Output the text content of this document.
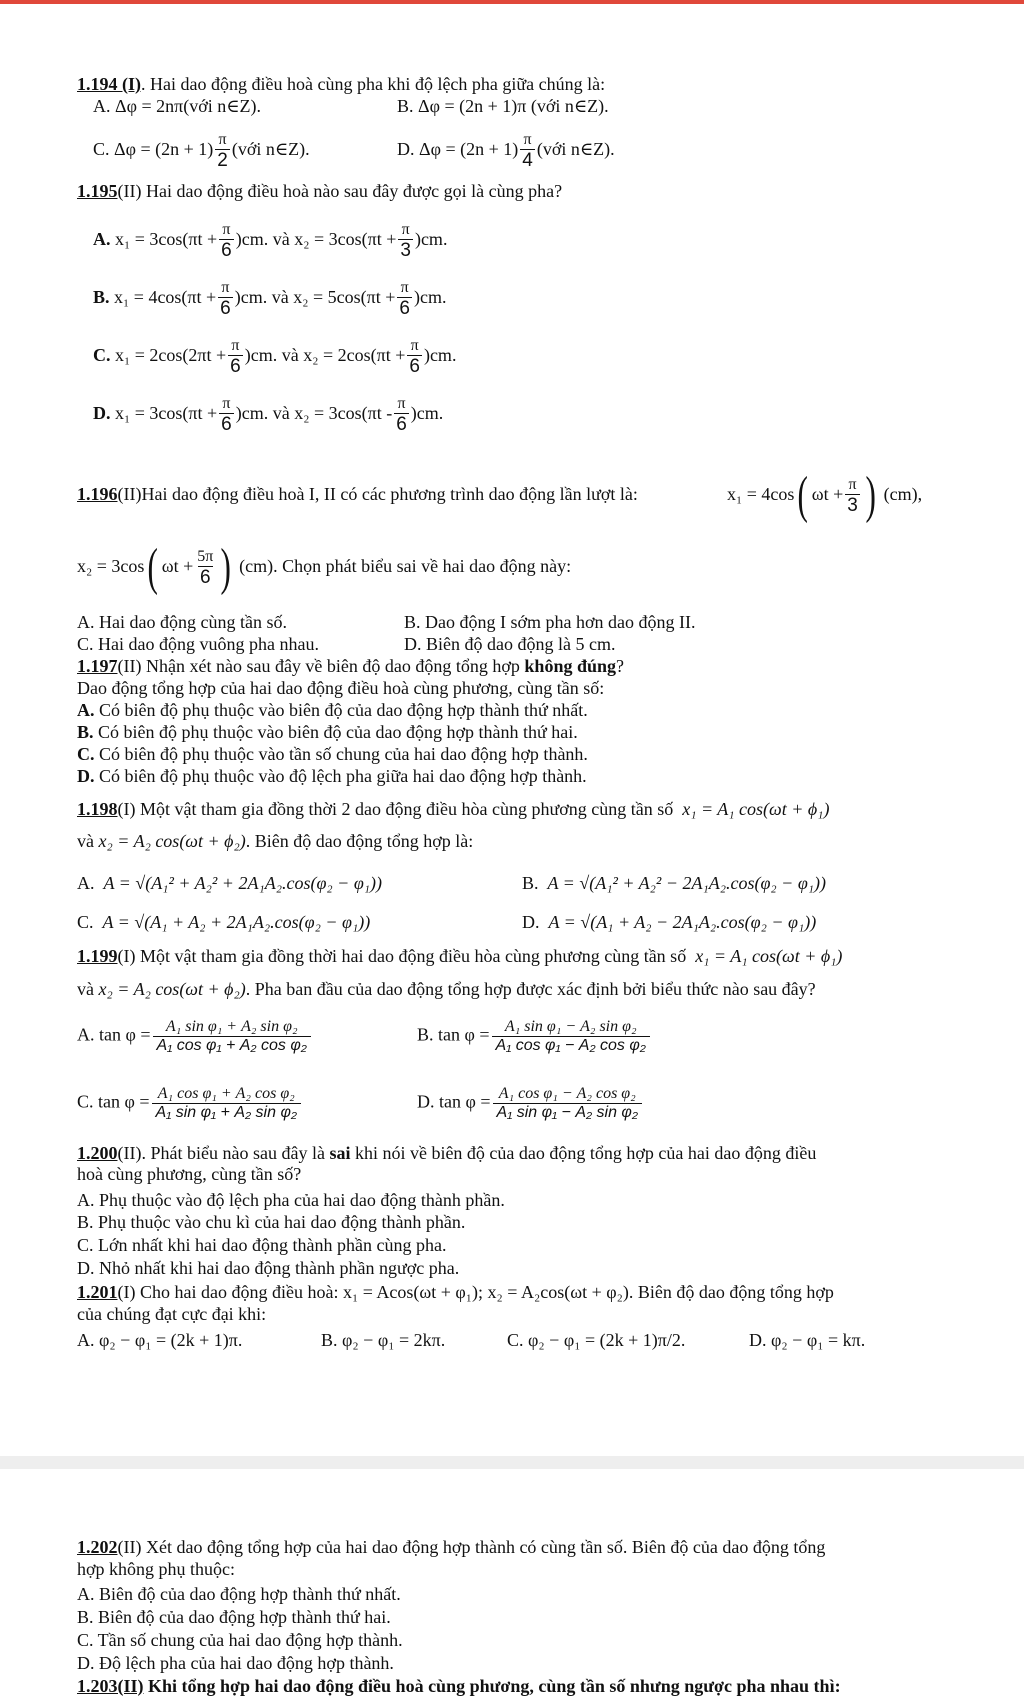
1.194 (I). Hai dao động điều hoà cùng pha khi độ lệch pha giữa chúng là:
A. Δφ = 2nπ(với n∈Z).	B. Δφ = (2n + 1)π (với n∈Z).
C. $\Delta\varphi = (2n + 1) \frac{\pi}{2}$ (với n∈Z).	D. $\Delta\varphi = (2n + 1) \frac{\pi}{4}$ (với n∈Z).
1.195(II) Hai dao động điều hoà nào sau đây được gọi là cùng pha?
A. $x_1 = 3\cos(\pi t + \frac{\pi}{6} )cm$. và $x_2 = 3\cos(\pi t + \frac{\pi}{3} )cm$.
B. $x_1 = 4\cos(\pi t + \frac{\pi}{6} )cm$. và $x_2 = 5\cos(\pi t + \frac{\pi}{6} )cm$.
C. $x_1 = 2\cos(2\pi t + \frac{\pi}{6} )cm$. và $x_2 = 2\cos(\pi t + \frac{\pi}{6} )cm$.
D. $x_1 = 3\cos(\pi t + \frac{\pi}{6} )cm$. và $x_2 = 3\cos(\pi t - \frac{\pi}{6} )cm$.
1.196(II)Hai dao động điều hoà I, II có các phương trình dao động lần lượt là:	x₁ = 4cos( $\omega t + \frac{\pi}{3}$ ) (cm),
x₂ = 3cos( $\omega t + \frac{5\pi}{6}$ ) (cm). Chọn phát biểu sai về hai dao động này:
A. Hai dao động cùng tần số.	B. Dao động I sớm pha hơn dao động II.
C. Hai dao động vuông pha nhau.	D. Biên độ dao động là 5 cm.
1.197(II) Nhận xét nào sau đây về biên độ dao động tổng hợp không đúng?
Dao động tổng hợp của hai dao động điều hoà cùng phương, cùng tần số:
A. Có biên độ phụ thuộc vào biên độ của dao động hợp thành thứ nhất.
B. Có biên độ phụ thuộc vào biên độ của dao động hợp thành thứ hai.
C. Có biên độ phụ thuộc vào tần số chung của hai dao động hợp thành.
D. Có biên độ phụ thuộc vào độ lệch pha giữa hai dao động hợp thành.
1.198(I) Một vật tham gia đồng thời 2 dao động điều hòa cùng phương cùng tần số x₁ = A₁ cos(ωt + ϕ₁)
và x₂ = A₂ cos(ωt + ϕ₂). Biên độ dao động tổng hợp là:
A. A = √(A₁² + A₂² + 2A₁A₂.cos(φ₂ − φ₁))	B. A = √(A₁² + A₂² − 2A₁A₂.cos(φ₂ − φ₁))
C. A = √(A₁ + A₂ + 2A₁A₂.cos(φ₂ − φ₁))	D. A = √(A₁ + A₂ − 2A₁A₂.cos(φ₂ − φ₁))
1.199(I) Một vật tham gia đồng thời hai dao động điều hòa cùng phương cùng tần số x₁ = A₁ cos(ωt + ϕ₁)
và x₂ = A₂ cos(ωt + ϕ₂). Pha ban đầu của dao động tổng hợp được xác định bởi biểu thức nào sau đây?
A. $\tan \varphi = \frac{\text{A₁ sin φ₁ + A₂ sin φ₂}}{\text{A₁ cos φ₁ + A₂ cos φ₂}}$	B. $\tan \varphi = \frac{\text{A₁ sin φ₁ − A₂ sin φ₂}}{\text{A₁ cos φ₁ − A₂ cos φ₂}}$
C. $\tan \varphi = \frac{\text{A₁ cos φ₁ + A₂ cos φ₂}}{\text{A₁ sin φ₁ + A₂ sin φ₂}}$	D. $\tan \varphi = \frac{\text{A₁ cos φ₁ − A₂ cos φ₂}}{\text{A₁ sin φ₁ − A₂ sin φ₂}}$
1.200(II). Phát biểu nào sau đây là sai khi nói về biên độ của dao động tổng hợp của hai dao động điều
hoà cùng phương, cùng tần số?
A. Phụ thuộc vào độ lệch pha của hai dao động thành phần.
B. Phụ thuộc vào chu kì của hai dao động thành phần.
C. Lớn nhất khi hai dao động thành phần cùng pha.
D. Nhỏ nhất khi hai dao động thành phần ngược pha.
1.201(I) Cho hai dao động điều hoà: x₁ = Acos(ωt + φ₁); x₂ = A₂cos(ωt + φ₂). Biên độ dao động tổng hợp
của chúng đạt cực đại khi:
A. φ₂ − φ₁ = (2k + 1)π.	B. φ₂ − φ₁ = 2kπ.	C. φ₂ − φ₁ = (2k + 1)π/2.	D. φ₂ − φ₁ = kπ.
1.202(II) Xét dao động tổng hợp của hai dao động hợp thành có cùng tần số. Biên độ của dao động tổng
hợp không phụ thuộc:
A. Biên độ của dao động hợp thành thứ nhất.
B. Biên độ của dao động hợp thành thứ hai.
C. Tần số chung của hai dao động hợp thành.
D. Độ lệch pha của hai dao động hợp thành.
1.203(II) Khi tổng hợp hai dao động điều hoà cùng phương, cùng tần số nhưng ngược pha nhau thì:
